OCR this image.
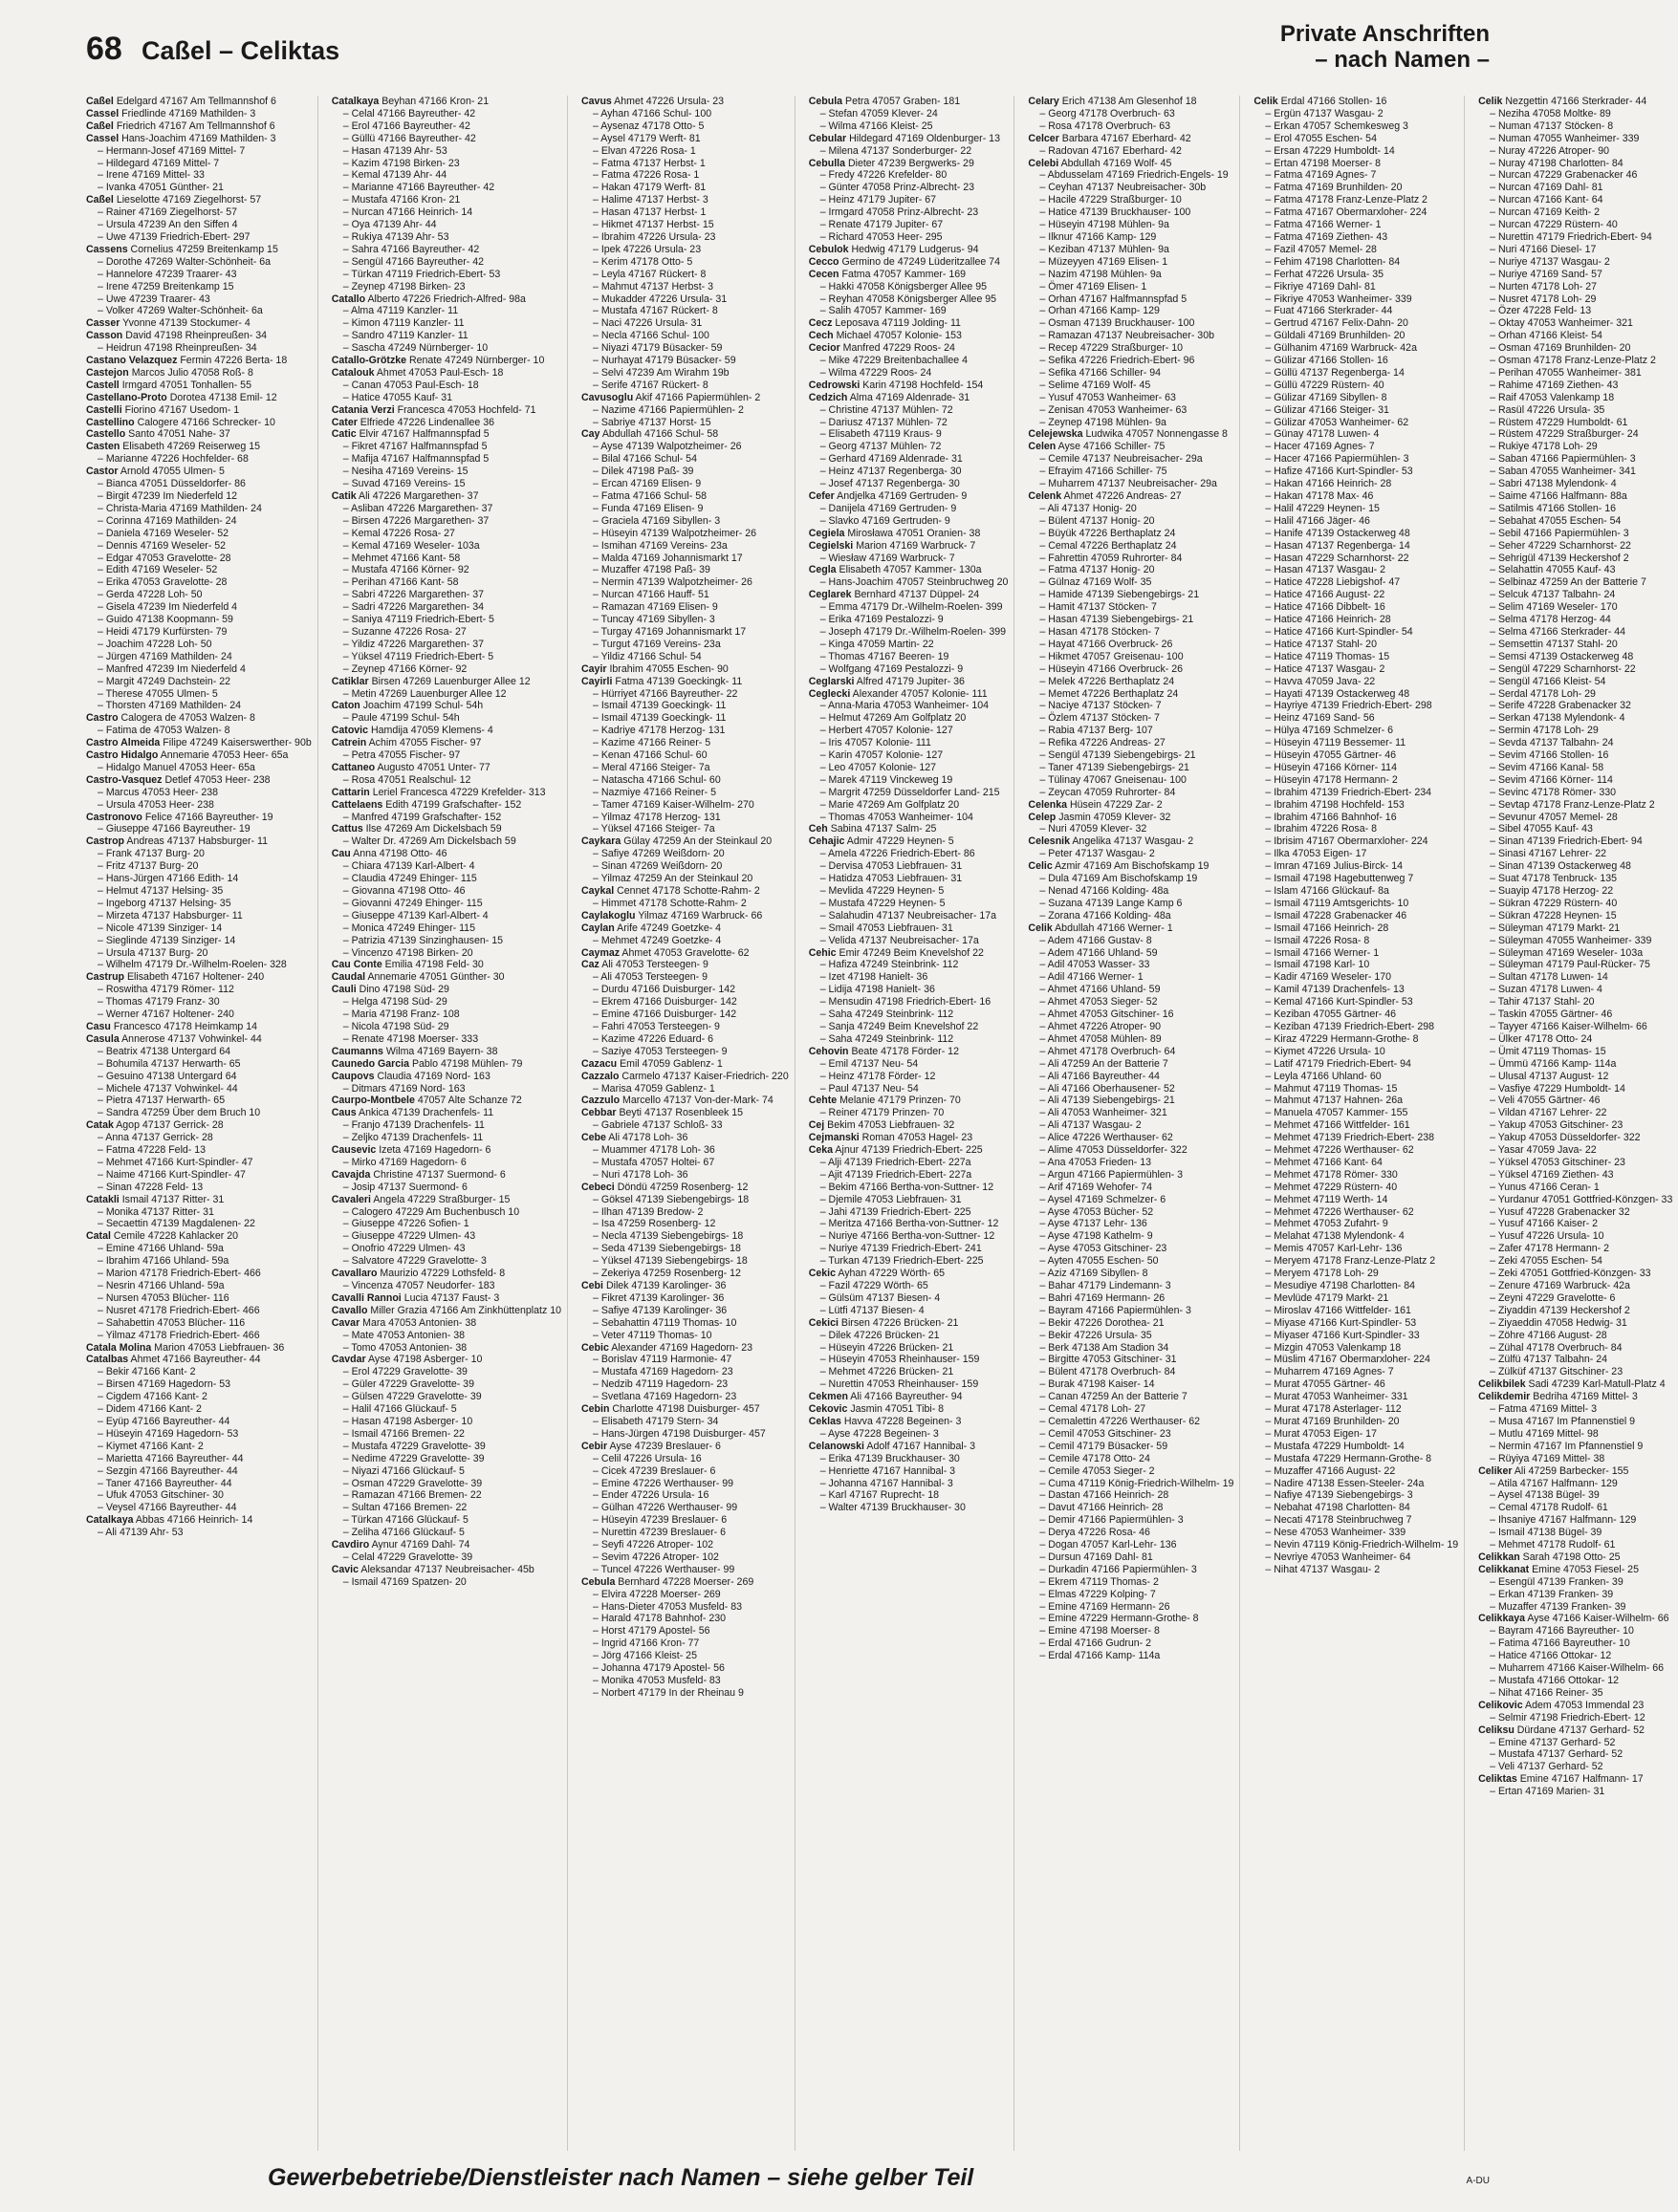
68 Caßel – Celiktas
Private Anschriften
– nach Namen –
Caßel Edelgard 47167 Am Tellmannshof 6
Cassel Friedlinde 47169 Mathilden- 3
Caßel Friedrich 47167 Am Tellmannshof 6
Cassel Hans-Joachim 47169 Mathilden- 3
– Hermann-Josef 47169 Mittel- 7
– Hildegard 47169 Mittel- 7
– Irene 47169 Mittel- 33
– Ivanka 47051 Günther- 21
Caßel Lieselotte 47169 Ziegelhorst- 57
– Rainer 47169 Ziegelhorst- 57
– Ursula 47239 An den Siffen 4
– Uwe 47139 Friedrich-Ebert- 297
Cassens Cornelius 47259 Breitenkamp 15
– Dorothe 47269 Walter-Schönheit- 6a
– Hannelore 47239 Traarer- 43
– Irene 47259 Breitenkamp 15
– Uwe 47239 Traarer- 43
– Volker 47269 Walter-Schönheit- 6a
Casser Yvonne 47139 Stockumer- 4
Casson David 47198 Rheinpreußen- 34
– Heidrun 47198 Rheinpreußen- 34
Castano Velazquez Fermin 47226 Berta- 18
Castejon Marcos Julio 47058 Roß- 8
Castell Irmgard 47051 Tonhallen- 55
Castellano-Proto Dorotea 47138 Emil- 12
Castelli Fiorino 47167 Usedom- 1
Castellino Calogere 47166 Schrecker- 10
Castello Santo 47051 Nahe- 37
Casten Elisabeth 47269 Reiserweg 15
– Marianne 47226 Hochfelder- 68
Castor Arnold 47055 Ulmen- 5
– Bianca 47051 Düsseldorfer- 86
– Birgit 47239 Im Niederfeld 12
– Christa-Maria 47169 Mathilden- 24
– Corinna 47169 Mathilden- 24
– Daniela 47169 Weseler- 52
– Dennis 47169 Weseler- 52
– Edgar 47053 Gravelotte- 28
– Edith 47169 Weseler- 52
– Erika 47053 Gravelotte- 28
– Gerda 47228 Loh- 50
– Gisela 47239 Im Niederfeld 4
– Guido 47138 Koopmann- 59
– Heidi 47179 Kurfürsten- 79
– Joachim 47228 Loh- 50
– Jürgen 47169 Mathilden- 24
– Manfred 47239 Im Niederfeld 4
– Margit 47249 Dachstein- 22
– Therese 47055 Ulmen- 5
– Thorsten 47169 Mathilden- 24
Castro Calogera de 47053 Walzen- 8
– Fatima de 47053 Walzen- 8
Castro Almeida Filipe 47249 Kaiserswerther- 90b
Castro Hidalgo Annemarie 47053 Heer- 65a
– Hidalgo Manuel 47053 Heer- 65a
Castro-Vasquez Detlef 47053 Heer- 238
– Marcus 47053 Heer- 238
– Ursula 47053 Heer- 238
Castronovo Felice 47166 Bayreuther- 19
– Giuseppe 47166 Bayreuther- 19
Castrop Andreas 47137 Habsburger- 11
– Frank 47137 Burg- 20
– Fritz 47137 Burg- 20
– Hans-Jürgen 47166 Edith- 14
– Helmut 47137 Helsing- 35
– Ingeborg 47137 Helsing- 35
– Mirzeta 47137 Habsburger- 11
– Nicole 47139 Sinziger- 14
– Sieglinde 47139 Sinziger- 14
– Ursula 47137 Burg- 20
– Wilhelm 47179 Dr.-Wilhelm-Roelen- 328
Castrup Elisabeth 47167 Holtener- 240
– Roswitha 47179 Römer- 112
– Thomas 47179 Franz- 30
– Werner 47167 Holtener- 240
Casu Francesco 47178 Heimkamp 14
Casula Annerose 47137 Vohwinkel- 44
– Beatrix 47138 Untergard 64
– Bohumila 47137 Herwarth- 65
– Gesuino 47138 Untergard 64
– Michele 47137 Vohwinkel- 44
– Pietra 47137 Herwarth- 65
– Sandra 47259 Über dem Bruch 10
Catak Agop 47137 Gerrick- 28
– Anna 47137 Gerrick- 28
– Fatma 47228 Feld- 13
– Mehmet 47166 Kurt-Spindler- 47
– Naime 47166 Kurt-Spindler- 47
– Sinan 47228 Feld- 13
Catakli Ismail 47137 Ritter- 31
– Monika 47137 Ritter- 31
– Secaettin 47139 Magdalenen- 22
Catal Cemile 47228 Kahlacker 20
– Emine 47166 Uhland- 59a
– Ibrahim 47166 Uhland- 59a
– Marion 47178 Friedrich-Ebert- 466
– Nesrin 47166 Uhland- 59a
– Nursen 47053 Blücher- 116
– Nusret 47178 Friedrich-Ebert- 466
– Sahabettin 47053 Blücher- 116
– Yilmaz 47178 Friedrich-Ebert- 466
Catala Molina Marion 47053 Liebfrauen- 36
Catalbas Ahmet 47166 Bayreuther- 44
– Bekir 47166 Kant- 2
– Birsen 47169 Hagedorn- 53
– Cigdem 47166 Kant- 2
– Didem 47166 Kant- 2
– Eyüp 47166 Bayreuther- 44
– Hüseyin 47169 Hagedorn- 53
– Kiymet 47166 Kant- 2
– Marietta 47166 Bayreuther- 44
– Sezgin 47166 Bayreuther- 44
– Taner 47166 Bayreuther- 44
– Ufuk 47053 Gitschiner- 30
– Veysel 47166 Bayreuther- 44
Catalkaya Abbas 47166 Heinrich- 14
– Ali 47139 Ahr- 53
Catalkaya Beyhan 47166 Kron- 21
– Celal 47166 Bayreuther- 42
– Erol 47166 Bayreuther- 42
– Güllü 47166 Bayreuther- 42
– Hasan 47139 Ahr- 53
– Kazim 47198 Birken- 23
– Kemal 47139 Ahr- 44
– Marianne 47166 Bayreuther- 42
– Mustafa 47166 Kron- 21
– Nurcan 47166 Heinrich- 14
– Oya 47139 Ahr- 44
– Rukiya 47139 Ahr- 53
– Sahra 47166 Bayreuther- 42
– Sengül 47166 Bayreuther- 42
– Türkan 47119 Friedrich-Ebert- 53
– Zeynep 47198 Birken- 23
Catallo Alberto 47226 Friedrich-Alfred- 98a
– Alma 47119 Kanzler- 11
– Kimon 47119 Kanzler- 11
– Sandro 47119 Kanzler- 11
– Sascha 47249 Nürnberger- 10
Catallo-Grötzke Renate 47249 Nürnberger- 10
Catalouk Ahmet 47053 Paul-Esch- 18
– Canan 47053 Paul-Esch- 18
– Hatice 47055 Kauf- 31
Catania Verzi Francesca 47053 Hochfeld- 71
Cater Elfriede 47226 Lindenallee 36
Catic Elvir 47167 Halfmannspfad 5
– Fikret 47167 Halfmannspfad 5
– Mafija 47167 Halfmannspfad 5
– Nesiha 47169 Vereins- 15
– Suvad 47169 Vereins- 15
Catik Ali 47226 Margarethen- 37
– Asliban 47226 Margarethen- 37
– Birsen 47226 Margarethen- 37
– Kemal 47226 Rosa- 27
– Kemal 47169 Weseler- 103a
– Mehmet 47166 Kant- 58
– Mustafa 47166 Körner- 92
– Perihan 47166 Kant- 58
– Sabri 47226 Margarethen- 37
– Sadri 47226 Margarethen- 34
– Saniya 47119 Friedrich-Ebert- 5
– Suzanne 47226 Rosa- 27
– Yildiz 47226 Margarethen- 37
– Yüksel 47119 Friedrich-Ebert- 5
– Zeynep 47166 Körner- 92
Catiklar Birsen 47269 Lauenburger Allee 12
– Metin 47269 Lauenburger Allee 12
Caton Joachim 47199 Schul- 54h
– Paule 47199 Schul- 54h
Catovic Hamdija 47059 Klemens- 4
Catrein Achim 47055 Fischer- 97
– Petra 47055 Fischer- 97
Cattaneo Augusto 47051 Unter- 77
– Rosa 47051 Realschul- 12
Cattarin Leriel Francesca 47229 Krefelder- 313
Cattelaens Edith 47199 Grafschafter- 152
– Manfred 47199 Grafschafter- 152
Cattus Ilse 47269 Am Dickelsbach 59
– Walter Dr. 47269 Am Dickelsbach 59
Cau Anna 47198 Otto- 46
– Chiara 47139 Karl-Albert- 4
– Claudia 47249 Ehinger- 115
– Giovanna 47198 Otto- 46
– Giovanni 47249 Ehinger- 115
– Giuseppe 47139 Karl-Albert- 4
– Monica 47249 Ehinger- 115
– Patrizia 47139 Sinzinghausen- 15
– Vincenzo 47198 Birken- 20
Cau Conte Emilia 47198 Feld- 30
Caudal Annemarie 47051 Günther- 30
Cauli Dino 47198 Süd- 29
– Helga 47198 Süd- 29
– Maria 47198 Franz- 108
– Nicola 47198 Süd- 29
– Renate 47198 Moerser- 333
Caumanns Wilma 47169 Bayern- 38
Caunedo Garcia Pablo 47198 Mühlen- 79
Caupovs Claudia 47169 Nord- 163
– Ditmars 47169 Nord- 163
Caurpo-Montbele 47057 Alte Schanze 72
Caus Ankica 47139 Drachenfels- 11
– Franjo 47139 Drachenfels- 11
– Zeljko 47139 Drachenfels- 11
Causevic Izeta 47169 Hagedorn- 6
– Mirko 47169 Hagedorn- 6
Cavajda Christine 47137 Suermond- 6
– Josip 47137 Suermond- 6
Cavaleri Angela 47229 Straßburger- 15
– Calogero 47229 Am Buchenbusch 10
– Giuseppe 47226 Sofien- 1
– Giuseppe 47229 Ulmen- 43
– Onofrio 47229 Ulmen- 43
– Salvatore 47229 Gravelotte- 3
Cavallaro Maurizio 47229 Lothsfeld- 8
– Vincenza 47057 Neudorfer- 183
Cavalli Rannoi Lucia 47137 Faust- 3
Cavallo Miller Grazia 47166 Am Zinkhüttenplatz 10
Cavar Mara 47053 Antonien- 38
– Mate 47053 Antonien- 38
– Tomo 47053 Antonien- 38
Cavdar Ayse 47198 Asberger- 10
– Erol 47229 Gravelotte- 39
– Güler 47229 Gravelotte- 39
– Gülsen 47229 Gravelotte- 39
– Halil 47166 Glückauf- 5
– Hasan 47198 Asberger- 10
– Ismail 47166 Bremen- 22
– Mustafa 47229 Gravelotte- 39
– Nedime 47229 Gravelotte- 39
– Niyazi 47166 Glückauf- 5
– Osman 47229 Gravelotte- 39
– Ramazan 47166 Bremen- 22
– Sultan 47166 Bremen- 22
– Türkan 47166 Glückauf- 5
– Zeliha 47166 Glückauf- 5
Cavdiro Aynur 47169 Dahl- 74
– Celal 47229 Gravelotte- 39
Cavic Aleksandar 47137 Neubreisacher- 45b
– Ismail 47169 Spatzen- 20
Cavus Ahmet 47226 Ursula- 23
– Ayhan 47166 Schul- 100
– Aysenaz 47178 Otto- 5
– Aysel 47179 Werft- 81
– Elvan 47226 Rosa- 1
– Fatma 47137 Herbst- 1
– Fatma 47226 Rosa- 1
– Hakan 47179 Werft- 81
– Halime 47137 Herbst- 3
– Hasan 47137 Herbst- 1
– Hikmet 47137 Herbst- 15
– Ibrahim 47226 Ursula- 23
– Ipek 47226 Ursula- 23
– Kerim 47178 Otto- 5
– Leyla 47167 Rückert- 8
– Mahmut 47137 Herbst- 3
– Mukadder 47226 Ursula- 31
– Mustafa 47167 Rückert- 8
– Naci 47226 Ursula- 31
– Necla 47166 Schul- 100
– Niyazi 47179 Büsacker- 59
– Nurhayat 47179 Büsacker- 59
– Selvi 47239 Am Wirahm 19b
– Serife 47167 Rückert- 8
Cavusoglu Akif 47166 Papiermühlen- 2
– Nazime 47166 Papiermühlen- 2
– Sabriye 47137 Horst- 15
Cay Abdullah 47166 Schul- 58
– Ayse 47139 Walpotzheimer- 26
– Bilal 47166 Schul- 54
– Dilek 47198 Paß- 39
– Ercan 47169 Elisen- 9
– Fatma 47166 Schul- 58
– Funda 47169 Elisen- 9
– Graciela 47169 Sibyllen- 3
– Hüseyin 47139 Walpotzheimer- 26
– Ismihan 47169 Vereins- 23a
– Malda 47169 Johannismarkt 17
– Muzaffer 47198 Paß- 39
– Nermin 47139 Walpotzheimer- 26
– Nurcan 47166 Hauff- 51
– Ramazan 47169 Elisen- 9
– Tuncay 47169 Sibyllen- 3
– Turgay 47169 Johannismarkt 17
– Turgut 47169 Vereins- 23a
– Yildiz 47166 Schul- 54
Cayir Ibrahim 47055 Eschen- 90
Cayirli Fatma 47139 Goeckingk- 11
– Hürriyet 47166 Bayreuther- 22
– Ismail 47139 Goeckingk- 11
– Ismail 47139 Goeckingk- 11
– Kadriye 47178 Herzog- 131
– Kazime 47166 Reiner- 5
– Kenan 47166 Schul- 60
– Meral 47166 Steiger- 7a
– Natascha 47166 Schul- 60
– Nazmiye 47166 Reiner- 5
– Tamer 47169 Kaiser-Wilhelm- 270
– Yilmaz 47178 Herzog- 131
– Yüksel 47166 Steiger- 7a
Caykara Gülay 47259 An der Steinkaul 20
– Safiye 47269 Weißdorn- 20
– Sinan 47269 Weißdorn- 20
– Yilmaz 47259 An der Steinkaul 20
Caykal Cennet 47178 Schotte-Rahm- 2
– Himmet 47178 Schotte-Rahm- 2
Caylakoglu Yilmaz 47169 Warbruck- 66
Caylan Arife 47249 Goetzke- 4
– Mehmet 47249 Goetzke- 4
Caymaz Ahmet 47053 Gravelotte- 62
Caz Ali 47053 Tersteegen- 9
– Ali 47053 Tersteegen- 9
– Durdu 47166 Duisburger- 142
– Ekrem 47166 Duisburger- 142
– Emine 47166 Duisburger- 142
– Fahri 47053 Tersteegen- 9
– Kazime 47226 Eduard- 6
– Saziye 47053 Tersteegen- 9
Cazacu Emil 47059 Gablenz- 1
Cazzalo Carmelo 47137 Kaiser-Friedrich- 220
– Marisa 47059 Gablenz- 1
Cazzulo Marcello 47137 Von-der-Mark- 74
Cebbar Beyti 47137 Rosenbleek 15
– Gabriele 47137 Schloß- 33
Cebe Ali 47178 Loh- 36
– Muammer 47178 Loh- 36
– Mustafa 47057 Holtei- 67
– Nuri 47178 Loh- 36
Cebeci Döndü 47259 Rosenberg- 12
– Göksel 47139 Siebengebirgs- 18
– Ilhan 47139 Bredow- 2
– Isa 47259 Rosenberg- 12
– Necla 47139 Siebengebirgs- 18
– Seda 47139 Siebengebirgs- 18
– Yüksel 47139 Siebengebirgs- 18
– Zekeriya 47259 Rosenberg- 12
Cebi Dilek 47139 Karolinger- 36
– Fikret 47139 Karolinger- 36
– Safiye 47139 Karolinger- 36
– Sebahattin 47119 Thomas- 10
– Veter 47119 Thomas- 10
Cebic Alexander 47169 Hagedorn- 23
– Borislav 47119 Harmonie- 47
– Mustafa 47169 Hagedorn- 23
– Nedzib 47119 Hagedorn- 23
– Svetlana 47169 Hagedorn- 23
Cebin Charlotte 47198 Duisburger- 457
– Elisabeth 47179 Stern- 34
– Hans-Jürgen 47198 Duisburger- 457
Cebir Ayse 47239 Breslauer- 6
– Celil 47226 Ursula- 16
– Cicek 47239 Breslauer- 6
– Emine 47226 Werthauser- 99
– Ender 47226 Ursula- 16
– Gülhan 47226 Werthauser- 99
– Hüseyin 47239 Breslauer- 6
– Nurettin 47239 Breslauer- 6
– Seyfi 47226 Atroper- 102
– Sevim 47226 Atroper- 102
– Tuncel 47226 Werthauser- 99
Cebula Bernhard 47228 Moerser- 269
– Elvira 47228 Moerser- 269
– Hans-Dieter 47053 Musfeld- 83
– Harald 47178 Bahnhof- 230
– Horst 47179 Apostel- 56
– Ingrid 47166 Kron- 77
– Jörg 47166 Kleist- 25
– Johanna 47179 Apostel- 56
– Monika 47053 Musfeld- 83
– Norbert 47179 In der Rheinau 9
Cebula Petra 47057 Graben- 181
– Stefan 47059 Klever- 24
– Wilma 47166 Kleist- 25
Cebular Hildegard 47169 Oldenburger- 13
– Milena 47137 Sonderburger- 22
Cebulla Dieter 47239 Bergwerks- 29
– Fredy 47226 Krefelder- 80
– Günter 47058 Prinz-Albrecht- 23
– Heinz 47179 Jupiter- 67
– Irmgard 47058 Prinz-Albrecht- 23
– Renate 47179 Jupiter- 67
– Richard 47053 Heer- 295
Cebulok Hedwig 47179 Ludgerus- 94
Cecco Germino de 47249 Lüderitzallee 74
Cecen Fatma 47057 Kammer- 169
– Hakki 47058 Königsberger Allee 95
– Reyhan 47058 Königsberger Allee 95
– Salih 47057 Kammer- 169
Cecz Leposava 47119 Jolding- 11
Cech Michael 47057 Kolonie- 153
Cecior Manfred 47229 Roos- 24
– Mike 47229 Breitenbachallee 4
– Wilma 47229 Roos- 24
Cedrowski Karin 47198 Hochfeld- 154
Cedzich Alma 47169 Aldenrade- 31
– Christine 47137 Mühlen- 72
– Dariusz 47137 Mühlen- 72
– Elisabeth 47119 Kraus- 9
– Georg 47137 Mühlen- 72
– Gerhard 47169 Aldenrade- 31
– Heinz 47137 Regenberga- 30
– Josef 47137 Regenberga- 30
Cefer Andjelka 47169 Gertruden- 9
– Danijela 47169 Gertruden- 9
– Slavko 47169 Gertruden- 9
Cegiela Mirosława 47051 Oranien- 38
Cegielski Marion 47169 Warbruck- 7
– Wiesław 47169 Warbruck- 7
Cegla Elisabeth 47057 Kammer- 130a
– Hans-Joachim 47057 Steinbruchweg 20
Ceglarek Bernhard 47137 Düppel- 24
– Emma 47179 Dr.-Wilhelm-Roelen- 399
– Erika 47169 Pestalozzi- 9
– Joseph 47179 Dr.-Wilhelm-Roelen- 399
– Kinga 47059 Martin- 22
– Thomas 47167 Beeren- 19
– Wolfgang 47169 Pestalozzi- 9
Ceglarski Alfred 47179 Jupiter- 36
Ceglecki Alexander 47057 Kolonie- 111
– Anna-Maria 47053 Wanheimer- 104
– Helmut 47269 Am Golfplatz 20
– Herbert 47057 Kolonie- 127
– Iris 47057 Kolonie- 111
– Karin 47057 Kolonie- 127
– Leo 47057 Kolonie- 127
– Marek 47119 Vinckeweg 19
– Margrit 47259 Düsseldorfer Land- 215
– Marie 47269 Am Golfplatz 20
– Thomas 47053 Wanheimer- 104
Ceh Sabina 47137 Salm- 25
Cehajic Admir 47229 Heynen- 5
– Amela 47226 Friedrich-Ebert- 86
– Dervisa 47053 Liebfrauen- 31
– Hatidza 47053 Liebfrauen- 31
– Mevlida 47229 Heynen- 5
– Mustafa 47229 Heynen- 5
– Salahudin 47137 Neubreisacher- 17a
– Smail 47053 Liebfrauen- 31
– Velida 47137 Neubreisacher- 17a
Cehic Emir 47249 Beim Knevelshof 22
– Hafiza 47249 Steinbrink- 112
– Izet 47198 Hanielt- 36
– Lidija 47198 Hanielt- 36
– Mensudin 47198 Friedrich-Ebert- 16
– Saha 47249 Steinbrink- 112
– Sanja 47249 Beim Knevelshof 22
– Saha 47249 Steinbrink- 112
Cehovin Beate 47178 Förder- 12
– Emil 47137 Neu- 54
– Heinz 47178 Förder- 12
– Paul 47137 Neu- 54
Cehte Melanie 47179 Prinzen- 70
– Reiner 47179 Prinzen- 70
Cej Bekim 47053 Liebfrauen- 32
Cejmanski Roman 47053 Hagel- 23
Ceka Ajnur 47139 Friedrich-Ebert- 225
– Alji 47139 Friedrich-Ebert- 227a
– Ajit 47139 Friedrich-Ebert- 227a
– Bekim 47166 Bertha-von-Suttner- 12
– Djemile 47053 Liebfrauen- 31
– Jahi 47139 Friedrich-Ebert- 225
– Meritza 47166 Bertha-von-Suttner- 12
– Nuriye 47166 Bertha-von-Suttner- 12
– Nuriye 47139 Friedrich-Ebert- 241
– Turkan 47139 Friedrich-Ebert- 225
Cekic Ayhan 47229 Wörth- 65
– Fazil 47229 Wörth- 65
– Gülsüm 47137 Biesen- 4
– Lütfi 47137 Biesen- 4
Cekici Birsen 47226 Brücken- 21
– Dilek 47226 Brücken- 21
– Hüseyin 47226 Brücken- 21
– Hüseyin 47053 Rheinhauser- 159
– Mehmet 47226 Brücken- 21
– Nurettin 47053 Rheinhauser- 159
Cekmen Ali 47166 Bayreuther- 94
Cekovic Jasmin 47051 Tibi- 8
Ceklas Havva 47228 Begeinen- 3
– Ayse 47228 Begeinen- 3
Celanowski Adolf 47167 Hannibal- 3
– Erika 47139 Bruckhauser- 30
– Henriette 47167 Hannibal- 3
– Johanna 47167 Hannibal- 3
– Karl 47167 Ruprecht- 18
– Walter 47139 Bruckhauser- 30
Celary Erich 47138 Am Glesenhof 18
– Georg 47178 Overbruch- 63
– Rosa 47178 Overbruch- 63
Celcer Barbara 47167 Eberhard- 42
– Radovan 47167 Eberhard- 42
Celebi Abdullah 47169 Wolf- 45
– Abdusselam 47169 Friedrich-Engels- 19
– Ceyhan 47137 Neubreisacher- 30b
– Hacile 47229 Straßburger- 10
– Hatice 47139 Bruckhauser- 100
– Hüseyin 47198 Mühlen- 9a
– Ilknur 47166 Kamp- 129
– Keziban 47137 Mühlen- 9a
– Müzeyyen 47169 Elisen- 1
– Nazim 47198 Mühlen- 9a
– Ömer 47169 Elisen- 1
– Orhan 47167 Halfmannspfad 5
– Orhan 47166 Kamp- 129
– Osman 47139 Bruckhauser- 100
– Ramazan 47137 Neubreisacher- 30b
– Recep 47229 Straßburger- 10
– Sefika 47226 Friedrich-Ebert- 96
– Sefika 47166 Schiller- 94
– Selime 47169 Wolf- 45
– Yusuf 47053 Wanheimer- 63
– Zenisan 47053 Wanheimer- 63
– Zeynep 47198 Mühlen- 9a
Celejewska Ludwika 47057 Nonnengasse 8
Celen Ayse 47166 Schiller- 75
– Cemile 47137 Neubreisacher- 29a
– Efrayim 47166 Schiller- 75
– Muharrem 47137 Neubreisacher- 29a
Celenk Ahmet 47226 Andreas- 27
– Ali 47137 Honig- 20
– Bülent 47137 Honig- 20
– Büyük 47226 Berthaplatz 24
– Cemal 47226 Berthaplatz 24
– Fahrettin 47059 Ruhrorter- 84
– Fatma 47137 Honig- 20
– Gülnaz 47169 Wolf- 35
– Hamide 47139 Siebengebirgs- 21
– Hamit 47137 Stöcken- 7
– Hasan 47139 Siebengebirgs- 21
– Hasan 47178 Stöcken- 7
– Hayat 47166 Overbruck- 26
– Hikmet 47057 Greisenau- 100
– Hüseyin 47166 Overbruck- 26
– Melek 47226 Berthaplatz 24
– Memet 47226 Berthaplatz 24
– Naciye 47137 Stöcken- 7
– Özlem 47137 Stöcken- 7
– Rabia 47137 Berg- 107
– Refika 47226 Andreas- 27
– Sengül 47139 Siebengebirgs- 21
– Taner 47139 Siebengebirgs- 21
– Tülinay 47067 Gneisenau- 100
– Zeycan 47059 Ruhrorter- 84
Celenka Hüsein 47229 Zar- 2
Celep Jasmin 47059 Klever- 32
– Nuri 47059 Klever- 32
Celesnik Angelika 47137 Wasgau- 2
– Peter 47137 Wasgau- 2
Celic Azmir 47169 Am Bischofskamp 19
– Dula 47169 Am Bischofskamp 19
– Nenad 47166 Kolding- 48a
– Suzana 47139 Lange Kamp 6
– Zorana 47166 Kolding- 48a
Celik Abdullah 47166 Werner- 1
– Adem 47166 Gustav- 8
– Adem 47166 Uhland- 59
– Adil 47053 Wasser- 33
– Adil 47166 Werner- 1
– Ahmet 47166 Uhland- 59
– Ahmet 47053 Sieger- 52
– Ahmet 47053 Gitschiner- 16
– Ahmet 47226 Atroper- 90
– Ahmet 47058 Mühlen- 89
– Ahmet 47178 Overbruch- 64
– Ali 47259 An der Batterie 7
– Ali 47166 Bayreuther- 44
– Ali 47166 Oberhausener- 52
– Ali 47139 Siebengebirgs- 21
– Ali 47053 Wanheimer- 321
– Ali 47137 Wasgau- 2
– Alice 47226 Werthauser- 62
– Alime 47053 Düsseldorfer- 322
– Ana 47053 Frieden- 13
– Argun 47166 Papiermühlen- 3
– Arif 47169 Wehofer- 74
– Aysel 47169 Schmelzer- 6
– Ayse 47053 Bücher- 52
– Ayse 47137 Lehr- 136
– Ayse 47198 Kathelm- 9
– Ayse 47053 Gitschiner- 23
– Ayten 47055 Eschen- 50
– Aziz 47169 Sibyllen- 8
– Bahar 47179 Lindemann- 3
– Bahri 47169 Hermann- 26
– Bayram 47166 Papiermühlen- 3
– Bekir 47226 Dorothea- 21
– Bekir 47226 Ursula- 35
– Berk 47138 Am Stadion 34
– Birgitte 47053 Gitschiner- 31
– Bülent 47178 Overbruch- 84
– Burak 47198 Kaiser- 14
– Canan 47259 An der Batterie 7
– Cemal 47178 Loh- 27
– Cemalettin 47226 Werthauser- 62
– Cemil 47053 Gitschiner- 23
– Cemil 47179 Büsacker- 59
– Cemile 47178 Otto- 24
– Cemile 47053 Sieger- 2
– Cuma 47119 König-Friedrich-Wilhelm- 19
– Dastan 47166 Heinrich- 28
– Davut 47166 Heinrich- 28
– Demir 47166 Papiermühlen- 3
– Derya 47226 Rosa- 46
– Dogan 47057 Karl-Lehr- 136
– Dursun 47169 Dahl- 81
– Durkadin 47166 Papiermühlen- 3
– Ekrem 47119 Thomas- 2
– Elmas 47229 Kolping- 7
– Emine 47169 Hermann- 26
– Emine 47229 Hermann-Grothe- 8
– Emine 47198 Moerser- 8
– Erdal 47166 Gudrun- 2
– Erdal 47166 Kamp- 114a
Celik Erdal 47166 Stollen- 16
– Ergün 47137 Wasgau- 2
– Erkan 47057 Schemkesweg 3
– Erol 47055 Eschen- 54
– Ersan 47229 Humboldt- 14
– Ertan 47198 Moerser- 8
– Fatma 47169 Agnes- 7
– Fatma 47169 Brunhilden- 20
– Fatma 47178 Franz-Lenze-Platz 2
– Fatma 47167 Obermarxloher- 224
– Fatma 47166 Werner- 1
– Fatma 47169 Ziethen- 43
– Fazil 47057 Memel- 28
– Fehim 47198 Charlotten- 84
– Ferhat 47226 Ursula- 35
– Fikriye 47169 Dahl- 81
– Fikriye 47053 Wanheimer- 339
– Fuat 47166 Sterkrader- 44
– Gertrud 47167 Felix-Dahn- 20
– Güldali 47169 Brunhilden- 20
– Gülhanim 47169 Warbruck- 42a
– Gülizar 47166 Stollen- 16
– Güllü 47137 Regenberga- 14
– Güllü 47229 Rüstern- 40
– Gülizar 47169 Sibyllen- 8
– Gülizar 47166 Steiger- 31
– Gülizar 47053 Wanheimer- 62
– Günay 47178 Luwen- 4
– Hacer 47169 Agnes- 7
– Hacer 47166 Papiermühlen- 3
– Hafize 47166 Kurt-Spindler- 53
– Hakan 47166 Heinrich- 28
– Hakan 47178 Max- 46
– Halil 47229 Heynen- 15
– Halil 47166 Jäger- 46
– Hanife 47139 Ostackerweg 48
– Hasan 47137 Regenberga- 14
– Hasan 47229 Scharnhorst- 22
– Hasan 47137 Wasgau- 2
– Hatice 47228 Liebigshof- 47
– Hatice 47166 August- 22
– Hatice 47166 Dibbelt- 16
– Hatice 47166 Heinrich- 28
– Hatice 47166 Kurt-Spindler- 54
– Hatice 47137 Stahl- 20
– Hatice 47119 Thomas- 15
– Hatice 47137 Wasgau- 2
– Havva 47059 Java- 22
– Hayati 47139 Ostackerweg 48
– Hayriye 47139 Friedrich-Ebert- 298
– Heinz 47169 Sand- 56
– Hülya 47169 Schmelzer- 6
– Hüseyin 47119 Bessemer- 11
– Hüseyin 47055 Gärtner- 46
– Hüseyin 47166 Körner- 114
– Hüseyin 47178 Hermann- 2
– Ibrahim 47139 Friedrich-Ebert- 234
– Ibrahim 47198 Hochfeld- 153
– Ibrahim 47166 Bahnhof- 16
– Ibrahim 47226 Rosa- 8
– Ibrisim 47167 Obermarxloher- 224
– Ilka 47053 Eigen- 17
– Imran 47169 Julius-Birck- 14
– Ismail 47198 Hagebuttenweg 7
– Islam 47166 Glückauf- 8a
– Ismail 47119 Amtsgerichts- 10
– Ismail 47228 Grabenacker 46
– Ismail 47166 Heinrich- 28
– Ismail 47226 Rosa- 8
– Ismail 47166 Werner- 1
– Ismail 47198 Karl- 10
– Kadir 47169 Weseler- 170
– Kamil 47139 Drachenfels- 13
– Kemal 47166 Kurt-Spindler- 53
– Keziban 47055 Gärtner- 46
– Keziban 47139 Friedrich-Ebert- 298
– Kiraz 47229 Hermann-Grothe- 8
– Kiymet 47226 Ursula- 10
– Latif 47179 Friedrich-Ebert- 94
– Leyla 47166 Uhland- 60
– Mahmut 47119 Thomas- 15
– Mahmut 47137 Hahnen- 26a
– Manuela 47057 Kammer- 155
– Mehmet 47166 Wittfelder- 161
– Mehmet 47139 Friedrich-Ebert- 238
– Mehmet 47226 Werthauser- 62
– Mehmet 47166 Kant- 64
– Mehmet 47178 Römer- 330
– Mehmet 47229 Rüstern- 40
– Mehmet 47119 Werth- 14
– Mehmet 47226 Werthauser- 62
– Mehmet 47053 Zufahrt- 9
– Melahat 47138 Mylendonk- 4
– Memis 47057 Karl-Lehr- 136
– Meryem 47178 Franz-Lenze-Platz 2
– Meryem 47178 Loh- 29
– Mesudiye 47198 Charlotten- 84
– Mevlüde 47179 Markt- 21
– Miroslav 47166 Wittfelder- 161
– Miyase 47166 Kurt-Spindler- 53
– Miyaser 47166 Kurt-Spindler- 33
– Mizgin 47053 Valenkamp 18
– Müslim 47167 Obermarxloher- 224
– Muharrem 47169 Agnes- 7
– Murat 47055 Gärtner- 46
– Murat 47053 Wanheimer- 331
– Murat 47178 Asterlager- 112
– Murat 47169 Brunhilden- 20
– Murat 47053 Eigen- 17
– Mustafa 47229 Humboldt- 14
– Mustafa 47229 Hermann-Grothe- 8
– Muzaffer 47166 August- 22
– Nadire 47138 Essen-Steeler- 24a
– Nafiye 47139 Siebengebirgs- 3
– Nebahat 47198 Charlotten- 84
– Necati 47178 Steinbruchweg 7
– Nese 47053 Wanheimer- 339
– Nevin 47119 König-Friedrich-Wilhelm- 19
– Nevriye 47053 Wanheimer- 64
– Nihat 47137 Wasgau- 2
Celik Nezgettin 47166 Sterkrader- 44
– Neziha 47058 Moltke- 89
– Numan 47137 Stöcken- 8
– Numan 47055 Wanheimer- 339
– Nuray 47226 Atroper- 90
– Nuray 47198 Charlotten- 84
– Nurcan 47229 Grabenacker 46
– Nurcan 47169 Dahl- 81
– Nurcan 47166 Kant- 64
– Nurcan 47169 Keith- 2
– Nurcan 47229 Rüstern- 40
– Nurettin 47179 Friedrich-Ebert- 94
– Nuri 47166 Diesel- 17
– Nuriye 47137 Wasgau- 2
– Nuriye 47169 Sand- 57
– Nurten 47178 Loh- 27
– Nusret 47178 Loh- 29
– Özer 47228 Feld- 13
– Oktay 47053 Wanheimer- 321
– Orhan 47166 Kleist- 54
– Osman 47169 Brunhilden- 20
– Osman 47178 Franz-Lenze-Platz 2
– Perihan 47055 Wanheimer- 381
– Rahime 47169 Ziethen- 43
– Raif 47053 Valenkamp 18
– Rasül 47226 Ursula- 35
– Rüstem 47229 Humboldt- 61
– Rüstem 47229 Straßburger- 24
– Rukiye 47178 Loh- 29
– Saban 47166 Papiermühlen- 3
– Saban 47055 Wanheimer- 341
– Sabri 47138 Mylendonk- 4
– Saime 47166 Halfmann- 88a
– Satilmis 47166 Stollen- 16
– Sebahat 47055 Eschen- 54
– Sebil 47166 Papiermühlen- 3
– Seher 47229 Scharnhorst- 22
– Sehrigül 47139 Heckershof 2
– Selahattin 47055 Kauf- 43
– Selbinaz 47259 An der Batterie 7
– Selcuk 47137 Talbahn- 24
– Selim 47169 Weseler- 170
– Selma 47178 Herzog- 44
– Selma 47166 Sterkrader- 44
– Semsettin 47137 Stahl- 20
– Semsi 47139 Ostackerweg 48
– Sengül 47229 Scharnhorst- 22
– Sengül 47166 Kleist- 54
– Serdal 47178 Loh- 29
– Serife 47228 Grabenacker 32
– Serkan 47138 Mylendonk- 4
– Sermin 47178 Loh- 29
– Sevda 47137 Talbahn- 24
– Sevim 47166 Stollen- 16
– Sevim 47166 Kanal- 58
– Sevim 47166 Körner- 114
– Sevinc 47178 Römer- 330
– Sevtap 47178 Franz-Lenze-Platz 2
– Sevunur 47057 Memel- 28
– Sibel 47055 Kauf- 43
– Sinan 47139 Friedrich-Ebert- 94
– Sinasi 47167 Lehrer- 22
– Sinan 47139 Ostackerweg 48
– Suat 47178 Tenbruck- 135
– Suayip 47178 Herzog- 22
– Sükran 47229 Rüstern- 40
– Sükran 47228 Heynen- 15
– Süleyman 47179 Markt- 21
– Süleyman 47055 Wanheimer- 339
– Süleyman 47169 Weseler- 103a
– Süleyman 47179 Paul-Rücker- 75
– Sultan 47178 Luwen- 14
– Suzan 47178 Luwen- 4
– Tahir 47137 Stahl- 20
– Taskin 47055 Gärtner- 46
– Tayyer 47166 Kaiser-Wilhelm- 66
– Ülker 47178 Otto- 24
– Ümit 47119 Thomas- 15
– Ümmü 47166 Kamp- 114a
– Ulusal 47137 August- 12
– Vasfiye 47229 Humboldt- 14
– Veli 47055 Gärtner- 46
– Vildan 47167 Lehrer- 22
– Yakup 47053 Gitschiner- 23
– Yakup 47053 Düsseldorfer- 322
– Yasar 47059 Java- 22
– Yüksel 47053 Gitschiner- 23
– Yüksel 47169 Ziethen- 43
– Yunus 47166 Ceran- 1
– Yurdanur 47051 Gottfried-Könzgen- 33
– Yusuf 47228 Grabenacker 32
– Yusuf 47166 Kaiser- 2
– Yusuf 47226 Ursula- 10
– Zafer 47178 Hermann- 2
– Zeki 47055 Eschen- 54
– Zeki 47051 Gottfried-Könzgen- 33
– Zenure 47169 Warbruck- 42a
– Zeyni 47229 Gravelotte- 6
– Ziyaddin 47139 Heckershof 2
– Ziyaeddin 47058 Hedwig- 31
– Zöhre 47166 August- 28
– Zühal 47178 Overbruch- 84
– Zülfü 47137 Talbahn- 24
– Zülküf 47137 Gitschiner- 23
Celikbilek Sadi 47239 Karl-Matull-Platz 4
Celikdemir Bedriha 47169 Mittel- 3
– Fatma 47169 Mittel- 3
– Musa 47167 Im Pfannenstiel 9
– Mutlu 47169 Mittel- 98
– Nermin 47167 Im Pfannenstiel 9
– Rüyiya 47169 Mittel- 38
Celiker Ali 47259 Barbecker- 155
– Atila 47167 Halfmann- 129
– Aysel 47138 Bügel- 39
– Cemal 47178 Rudolf- 61
– Ihsaniye 47167 Halfmann- 129
– Ismail 47138 Bügel- 39
– Mehmet 47178 Rudolf- 61
Celikkan Sarah 47198 Otto- 25
Celikkanat Emine 47053 Fiesel- 25
– Esengül 47139 Franken- 39
– Erkan 47139 Franken- 39
– Muzaffer 47139 Franken- 39
Celikkaya Ayse 47166 Kaiser-Wilhelm- 66
– Bayram 47166 Bayreuther- 10
– Fatima 47166 Bayreuther- 10
– Hatice 47166 Ottokar- 12
– Muharrem 47166 Kaiser-Wilhelm- 66
– Mustafa 47166 Ottokar- 12
– Nihat 47166 Reiner- 35
Celikovic Adem 47053 Immendal 23
– Selmir 47198 Friedrich-Ebert- 12
Celiksu Dürdane 47137 Gerhard- 52
– Emine 47137 Gerhard- 52
– Mustafa 47137 Gerhard- 52
– Veli 47137 Gerhard- 52
Celiktas Emine 47167 Halfmann- 17
– Ertan 47169 Marien- 31
Gewerbebetriebe/Dienstleister nach Namen – siehe gelber Teil	A-DU
